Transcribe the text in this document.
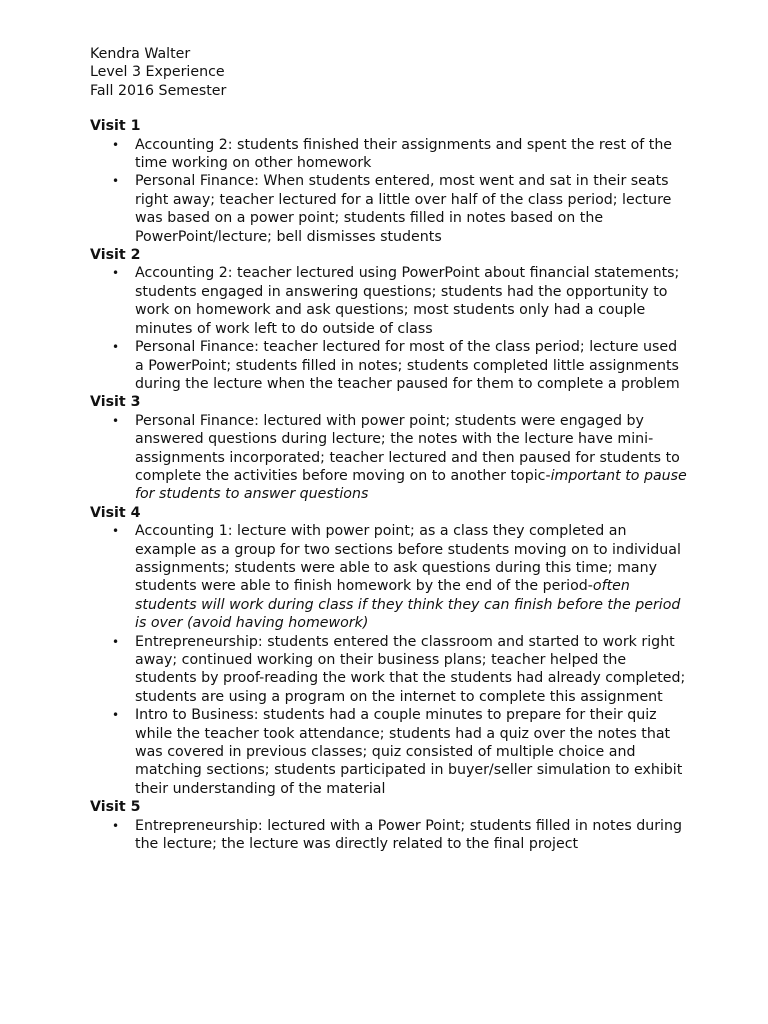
Kendra Walter

Level 3 Experience

Fall 2016 Semester

Visit 1

• Accounting 2: students finished their assignments and spent the rest of the time working on other homework
• Personal Finance: When students entered, most went and sat in their seats right away; teacher lectured for a little over half of the class period; lecture was based on a power point; students filled in notes based on the PowerPoint/lecture; bell dismisses students

Visit 2

• Accounting 2: teacher lectured using PowerPoint about financial statements; students engaged in answering questions; students had the opportunity to work on homework and ask questions; most students only had a couple minutes of work left to do outside of class
• Personal Finance: teacher lectured for most of the class period; lecture used a PowerPoint; students filled in notes; students completed little assignments during the lecture when the teacher paused for them to complete a problem

Visit 3

• Personal Finance: lectured with power point; students were engaged by answered questions during lecture; the notes with the lecture have mini-assignments incorporated; teacher lectured and then paused for students to complete the activities before moving on to another topic-important to pause for students to answer questions

Visit 4

• Accounting 1: lecture with power point; as a class they completed an example as a group for two sections before students moving on to individual assignments; students were able to ask questions during this time; many students were able to finish homework by the end of the period-often students will work during class if they think they can finish before the period is over (avoid having homework)
• Entrepreneurship: students entered the classroom and started to work right away; continued working on their business plans; teacher helped the students by proof-reading the work that the students had already completed; students are using a program on the internet to complete this assignment
• Intro to Business: students had a couple minutes to prepare for their quiz while the teacher took attendance; students had a quiz over the notes that was covered in previous classes; quiz consisted of multiple choice and matching sections; students participated in buyer/seller simulation to exhibit their understanding of the material

Visit 5

• Entrepreneurship: lectured with a Power Point; students filled in notes during the lecture; the lecture was directly related to the final project
